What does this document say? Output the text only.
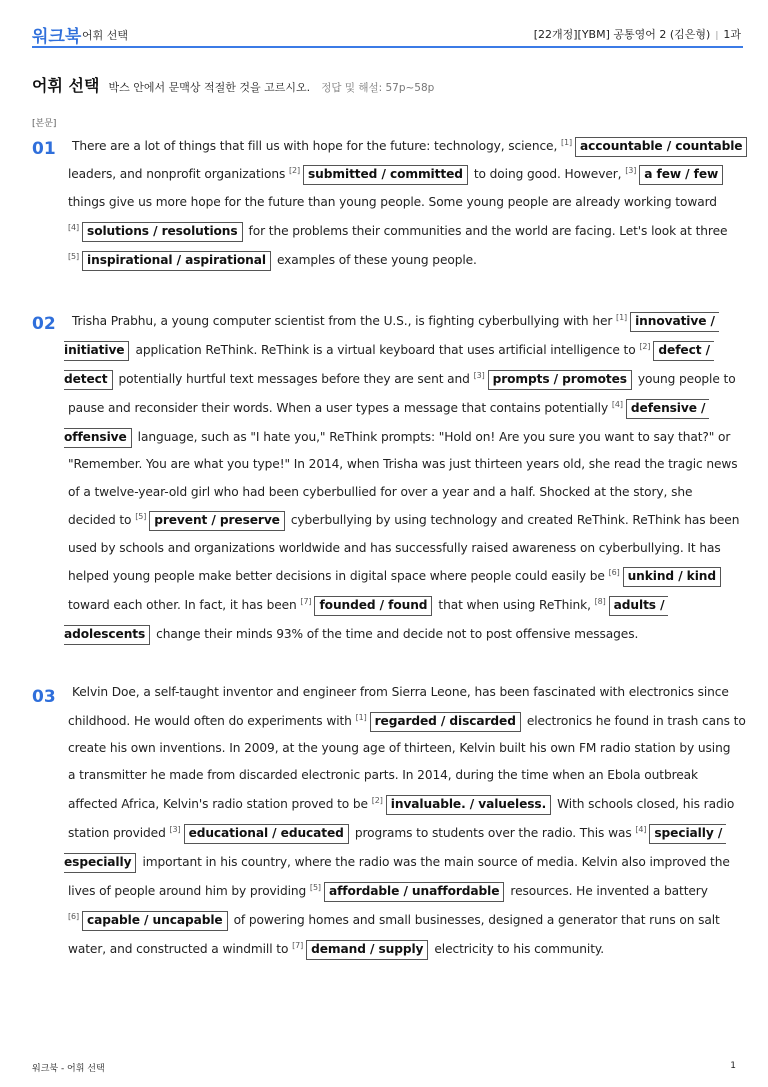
워크북 어휘 선택	[22개정][YBM] 공통영어 2 (김은형) | 1과
어휘 선택 박스 안에서 문맥상 적절한 것을 고르시오. 정답 및 해설: 57p~58p
[본문]
01	There are a lot of things that fill us with hope for the future: technology, science, [1] accountable / countable
leaders, and nonprofit organizations [2] submitted / committed to doing good. However, [3] a few / few
things give us more hope for the future than young people. Some young people are already working toward
[4] solutions / resolutions for the problems their communities and the world are facing. Let's look at three
[5] inspirational / aspirational examples of these young people.
02	Trisha Prabhu, a young computer scientist from the U.S., is fighting cyberbullying with her [1] innovative /
initiative application ReThink. ReThink is a virtual keyboard that uses artificial intelligence to [2] defect /
detect potentially hurtful text messages before they are sent and [3] prompts / promotes young people to
pause and reconsider their words. When a user types a message that contains potentially [4] defensive /
offensive language, such as "I hate you," ReThink prompts: "Hold on! Are you sure you want to say that?" or
"Remember. You are what you type!" In 2014, when Trisha was just thirteen years old, she read the tragic news
of a twelve-year-old girl who had been cyberbullied for over a year and a half. Shocked at the story, she
decided to [5] prevent / preserve cyberbullying by using technology and created ReThink. ReThink has been
used by schools and organizations worldwide and has successfully raised awareness on cyberbullying. It has
helped young people make better decisions in digital space where people could easily be [6] unkind / kind
toward each other. In fact, it has been [7] founded / found that when using ReThink, [8] adults /
adolescents change their minds 93% of the time and decide not to post offensive messages.
03	Kelvin Doe, a self-taught inventor and engineer from Sierra Leone, has been fascinated with electronics since
childhood. He would often do experiments with [1] regarded / discarded electronics he found in trash cans to
create his own inventions. In 2009, at the young age of thirteen, Kelvin built his own FM radio station by using
a transmitter he made from discarded electronic parts. In 2014, during the time when an Ebola outbreak
affected Africa, Kelvin's radio station proved to be [2] invaluable. / valueless. With schools closed, his radio
station provided [3] educational / educated programs to students over the radio. This was [4] specially /
especially important in his country, where the radio was the main source of media. Kelvin also improved the
lives of people around him by providing [5] affordable / unaffordable resources. He invented a battery
[6] capable / uncapable of powering homes and small businesses, designed a generator that runs on salt
water, and constructed a windmill to [7] demand / supply electricity to his community.
워크북 - 어휘 선택	1
